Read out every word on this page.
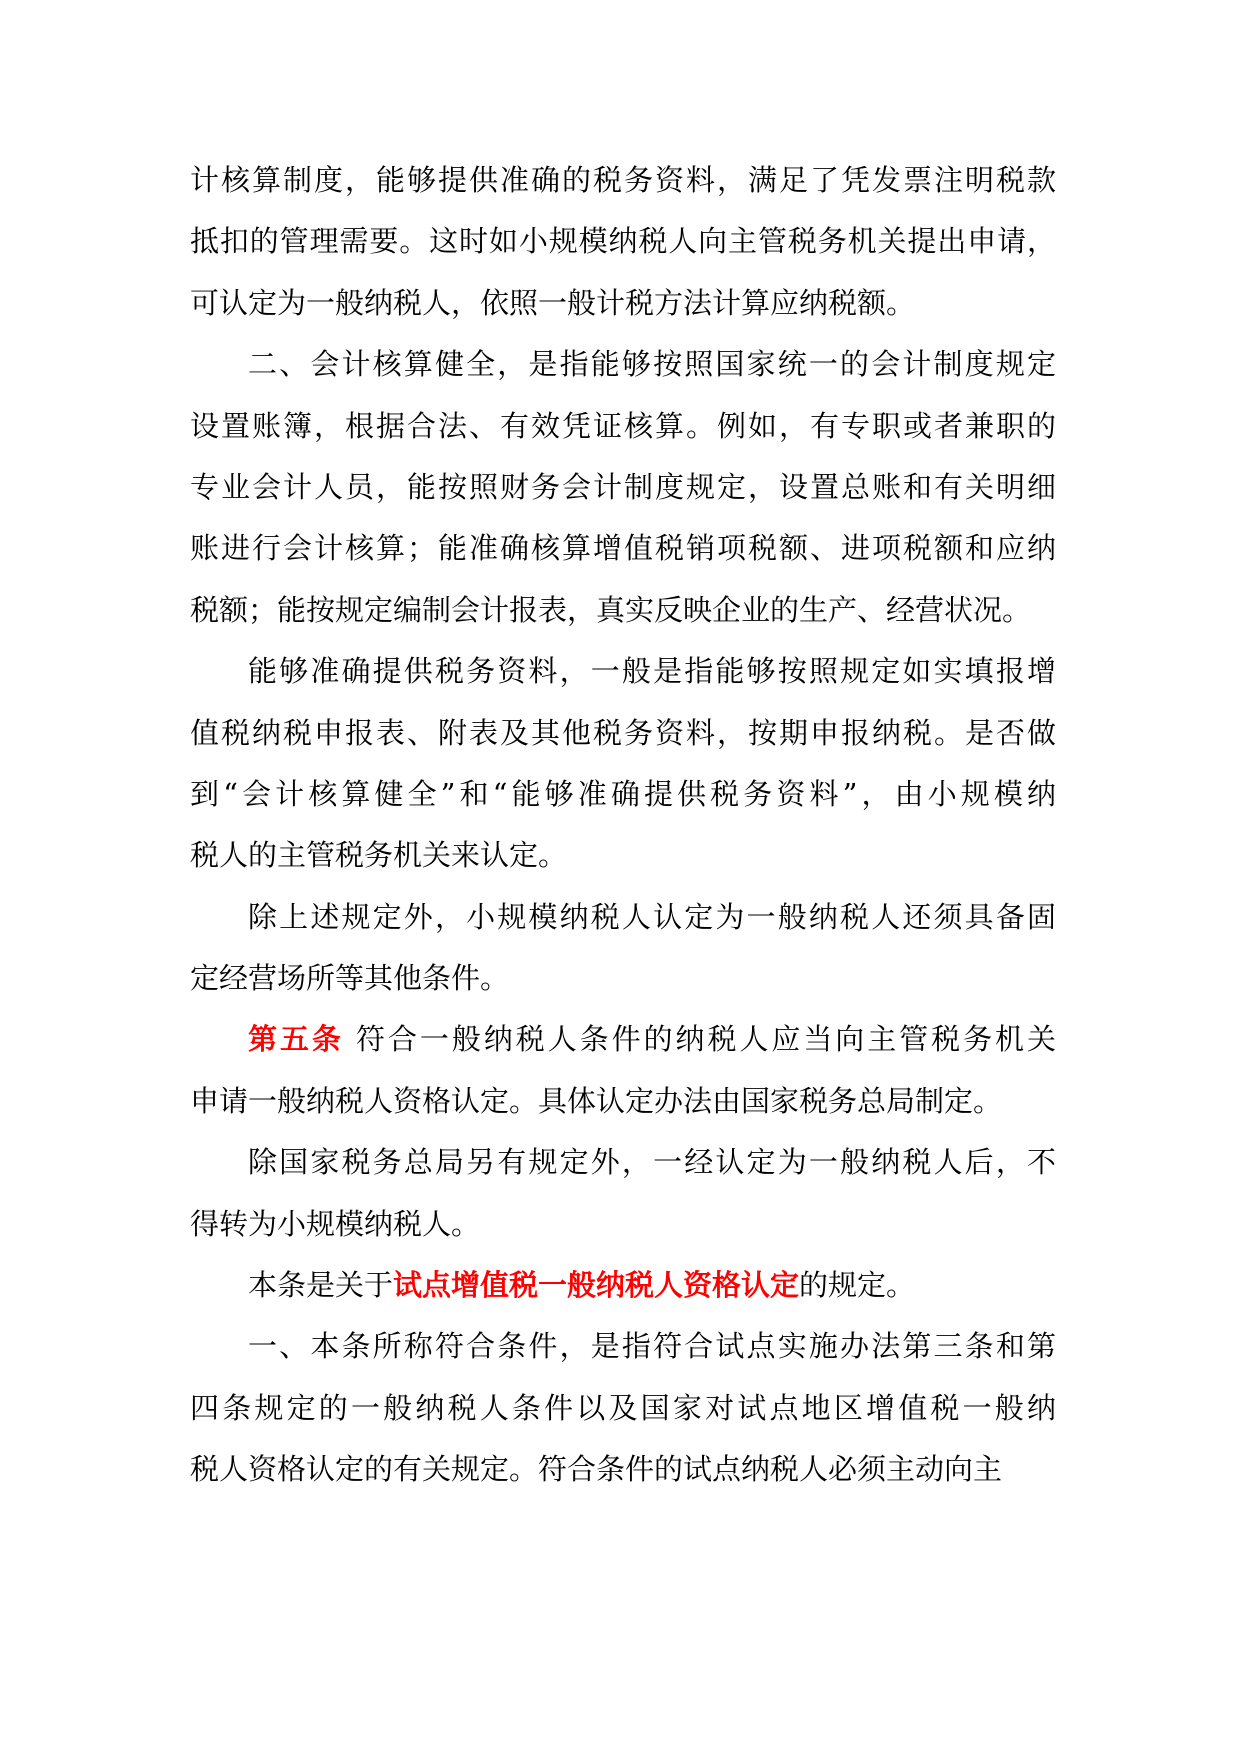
计核算制度，能够提供准确的税务资料，满足了凭发票注明税款
抵扣的管理需要。这时如小规模纳税人向主管税务机关提出申请，
可认定为一般纳税人，依照一般计税方法计算应纳税额。
二、会计核算健全，是指能够按照国家统一的会计制度规定
设置账簿，根据合法、有效凭证核算。例如，有专职或者兼职的
专业会计人员，能按照财务会计制度规定，设置总账和有关明细
账进行会计核算；能准确核算增值税销项税额、进项税额和应纳
税额；能按规定编制会计报表，真实反映企业的生产、经营状况。
能够准确提供税务资料，一般是指能够按照规定如实填报增
值税纳税申报表、附表及其他税务资料，按期申报纳税。是否做
到“会计核算健全”和“能够准确提供税务资料”，由小规模纳
税人的主管税务机关来认定。
除上述规定外，小规模纳税人认定为一般纳税人还须具备固
定经营场所等其他条件。
第五条 符合一般纳税人条件的纳税人应当向主管税务机关
申请一般纳税人资格认定。具体认定办法由国家税务总局制定。
除国家税务总局另有规定外，一经认定为一般纳税人后，不
得转为小规模纳税人。
本条是关于试点增值税一般纳税人资格认定的规定。
一、本条所称符合条件，是指符合试点实施办法第三条和第
四条规定的一般纳税人条件以及国家对试点地区增值税一般纳
税人资格认定的有关规定。符合条件的试点纳税人必须主动向主
